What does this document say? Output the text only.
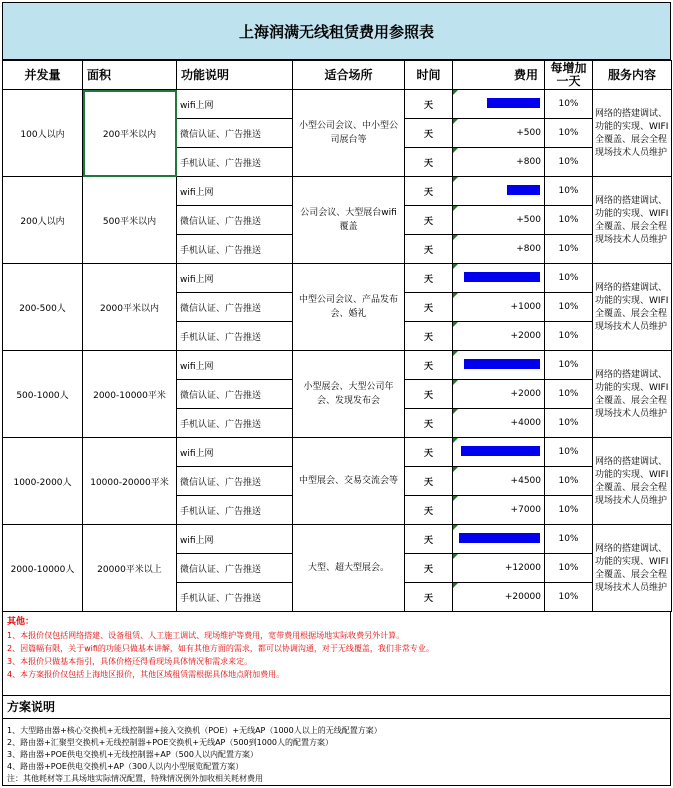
上海润满无线租赁费用参照表
并发量	面积	功能说明	适合场所	时间	费用	每增加一天	服务内容
100人以内	200平米以内	wifi上网	小型公司会议、中小型公司展台等	天		10%	网络的搭建调试、功能的实现、WIFI全覆盖、展会全程现场技术人员维护
		微信认证、广告推送		天	+500	10%	
		手机认证、广告推送		天	+800	10%	
200人以内	500平米以内	wifi上网	公司会议、大型展台wifi覆盖	天		10%	网络的搭建调试、功能的实现、WIFI全覆盖、展会全程现场技术人员维护
		微信认证、广告推送		天	+500	10%	
		手机认证、广告推送		天	+800	10%	
200-500人	2000平米以内	wifi上网	中型公司会议、产品发布会、婚礼	天		10%	网络的搭建调试、功能的实现、WIFI全覆盖、展会全程现场技术人员维护
		微信认证、广告推送		天	+1000	10%	
		手机认证、广告推送		天	+2000	10%	
500-1000人	2000-10000平米	wifi上网	小型展会、大型公司年会、发现发布会	天		10%	网络的搭建调试、功能的实现、WIFI全覆盖、展会全程现场技术人员维护
		微信认证、广告推送		天	+2000	10%	
		手机认证、广告推送		天	+4000	10%	
1000-2000人	10000-20000平米	wifi上网	中型展会、交易交流会等	天		10%	网络的搭建调试、功能的实现、WIFI全覆盖、展会全程现场技术人员维护
		微信认证、广告推送		天	+4500	10%	
		手机认证、广告推送		天	+7000	10%	
2000-10000人	20000平米以上	wifi上网	大型、超大型展会。	天		10%	网络的搭建调试、功能的实现、WIFI全覆盖、展会全程现场技术人员维护
		微信认证、广告推送		天	+12000	10%	
		手机认证、广告推送		天	+20000	10%	
其他：
1、本报价仅包括网络搭建、设备租赁、人工施工调试、现场维护等费用，宽带费用根据场地实际收费另外计算。
2、因篇幅有限，关于wifi的功能只做基本讲解，如有其他方面的需求，都可以协调沟通，对于无线覆盖，我们非常专业。
3、本报价只做基本指引，具体价格还得看现场具体情况和需求来定。
4、本方案报价仅包括上海地区报价，其他区域租赁需根据具体地点附加费用。
方案说明
1、大型路由器+核心交换机+无线控制器+接入交换机（POE）+无线AP（1000人以上的无线配置方案）
2、路由器+汇聚型交换机+无线控制器+POE交换机+无线AP（500到1000人的配置方案）
3、路由器+POE供电交换机+无线控制器+AP（500人以内配置方案）
4、路由器+POE供电交换机+AP（300人以内小型展览配置方案）
注：其他耗材等工具场地实际情况配置，特殊情况例外加收相关耗材费用
